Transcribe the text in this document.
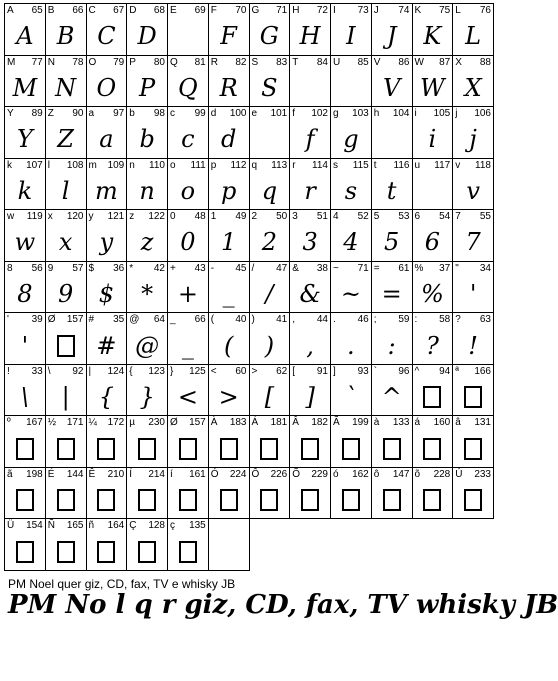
A 65
A
B 66
B
C 67
C
D 68
D
E 69 F 70
F
G 71
G
H 72
H
I 73
I
J 74
J
K 75
K
L 76
L
M 77
M
N 78
N
O 79
O
P 80
P
Q 81
Q
R 82
R
S 83
S
T 84 U 85 V 86
V
W 87
W
X 88
X
Y 89
Y
Z 90
Z
a 97
a
b 98
b
c 99
c
d 100
d
e 101 f 102
f
g 103
g
h 104 i 105
i
j 106
j
k 107
k
l 108
l
m 109
m
n 110
n
o 111
o
p 112
p
q 113
q
r 114
r
s 115
s
t 116
t
u 117 v 118
v
w 119
w
x 120
x
y 121
y
z 122
z
0 48
0
1 49
1
2 50
2
3 51
3
4 52
4
5 53
5
6 54
6
7 55
7
8 56
8
9 57
9
$ 36
$
* 42
*
+ 43
+
- 45
_
/ 47
/
& 38
&
~ 71
~
= 61
=
% 37
%
" 34
'
' 39
'
Ø 157 # 35
#
@ 64
@
_ 66
_
( 40
(
) 41
)
, 44
,
. 46
.
; 59
:
: 58
?
? 63
!
! 33
\
\ 92
|
| 124
{
{ 123
}
} 125
<
< 60
>
> 62
[
[ 91
]
] 93
`
` 96
^
^ 94 ª 166
º 167 ½ 171 ¼ 172 µ 230 Ø 157 À 183 Á 181 Â 182 Ã 199 à 133 á 160 â 131
ã 198 É 144 Ê 210 Í 214 í 161 Ó 224 Ô 226 Õ 229 ó 162 ô 147 õ 228 Ú 233
Ü 154 Ñ 165 ñ 164 Ç 128 ç 135
PM Noel quer giz, CD, fax, TV e whisky JB
PM No l q r giz, CD, fax, TV whisky JB
